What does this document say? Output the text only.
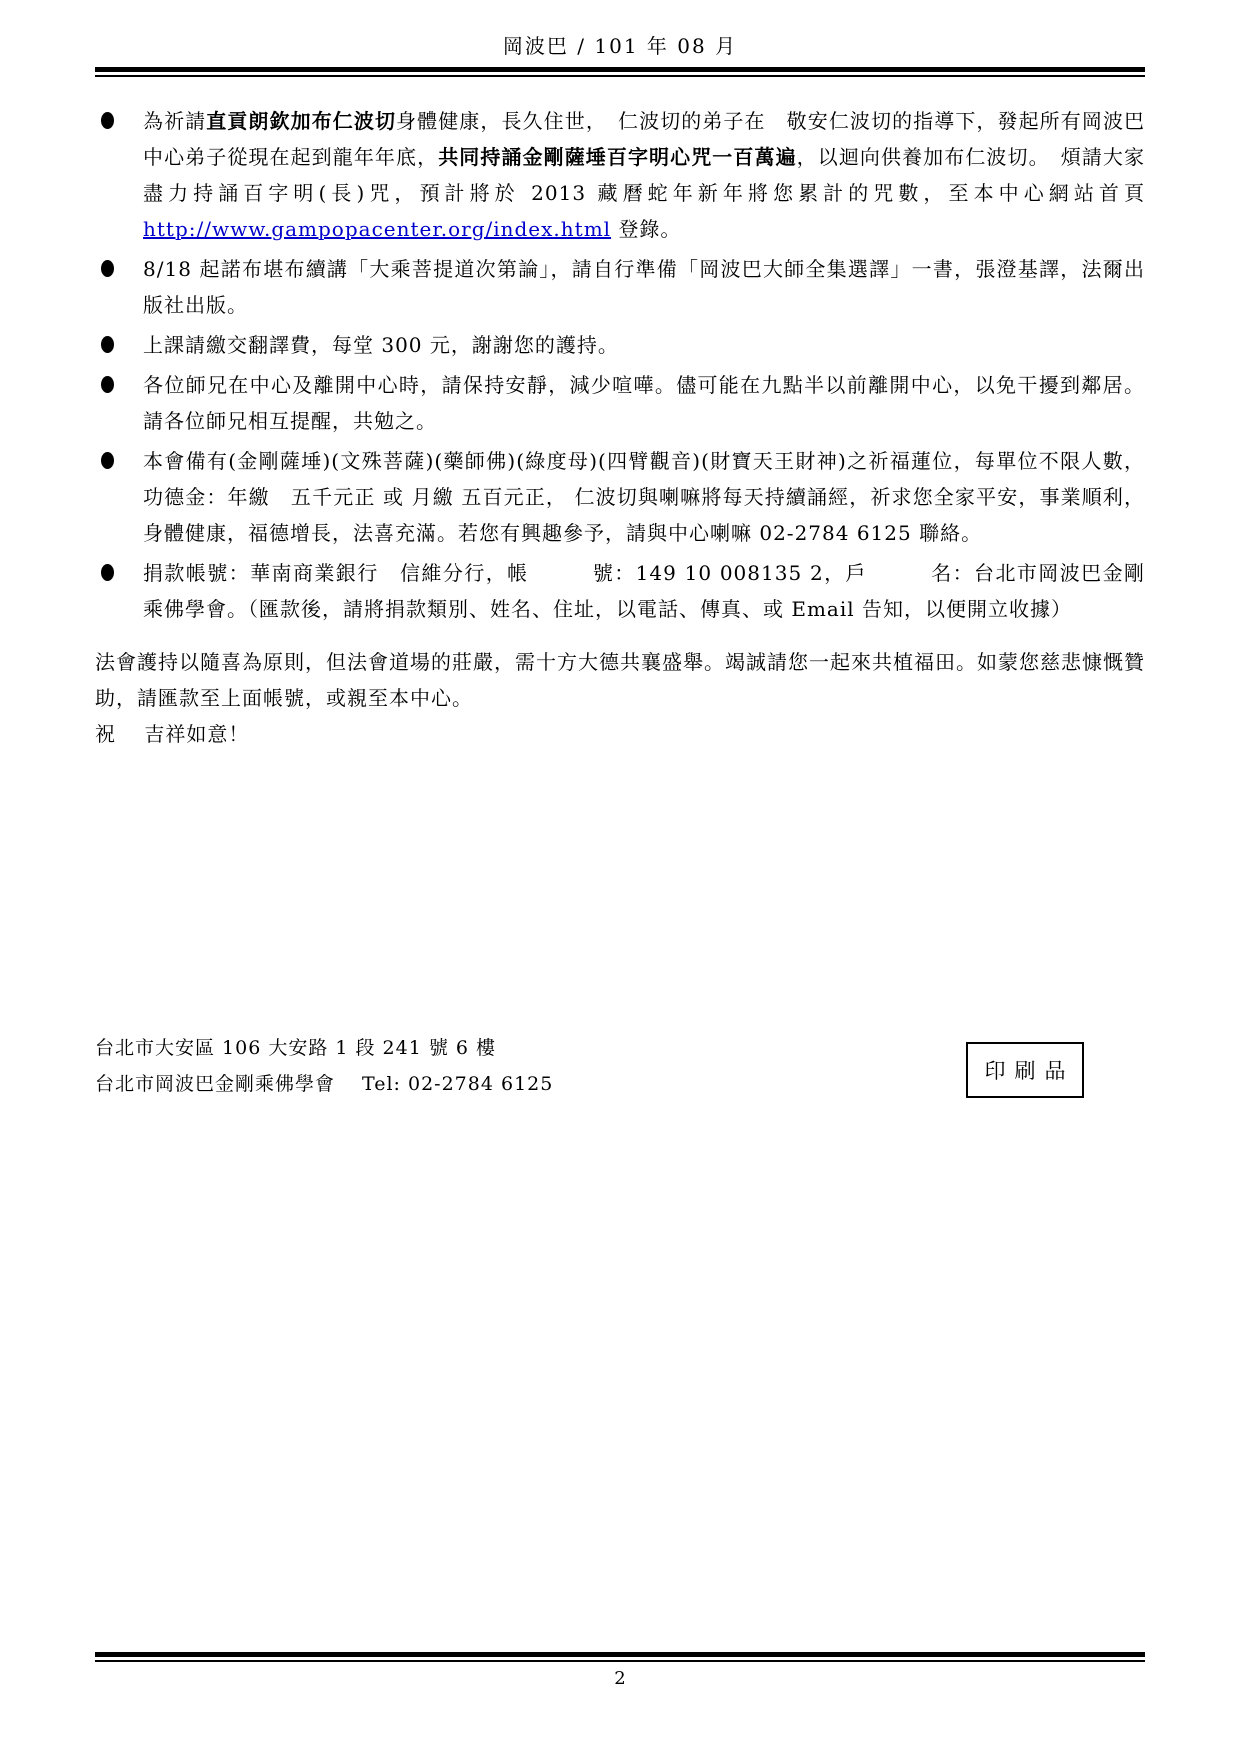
岡波巴 / 101 年 08 月
為祈請直貢朗欽加布仁波切身體健康，長久住世，　仁波切的弟子在　敬安仁波切的指導下，發起所有岡波巴中心弟子從現在起到龍年年底，共同持誦金剛薩埵百字明心咒一百萬遍，以迴向供養加布仁波切。　煩請大家盡力持誦百字明(長)咒，預計將於 2013 藏曆蛇年新年將您累計的咒數，至本中心網站首頁 http://www.gampopacenter.org/index.html 登錄。
8/18 起諾布堪布續講「大乘菩提道次第論」，請自行準備「岡波巴大師全集選譯」一書，張澄基譯，法爾出版社出版。
上課請繳交翻譯費，每堂 300 元，謝謝您的護持。
各位師兄在中心及離開中心時，請保持安靜，減少喧嘩。儘可能在九點半以前離開中心，以免干擾到鄰居。請各位師兄相互提醒，共勉之。
本會備有(金剛薩埵)(文殊菩薩)(藥師佛)(綠度母)(四臂觀音)(財寶天王財神)之祈福蓮位，每單位不限人數，功德金：年繳　五千元正 或 月繳 五百元正， 仁波切與喇嘛將每天持續誦經，祈求您全家平安，事業順利，身體健康，福德增長，法喜充滿。若您有興趣參予，請與中心喇嘛 02-2784 6125 聯絡。
捐款帳號：華南商業銀行　信維分行，帳　　　號：149 10 008135 2，戶　　　名：台北市岡波巴金剛乘佛學會。（匯款後，請將捐款類別、姓名、住址，以電話、傳真、或 Email 告知，以便開立收據）
法會護持以隨喜為原則，但法會道場的莊嚴，需十方大德共襄盛舉。竭誠請您一起來共植福田。如蒙您慈悲慷慨贊助，請匯款至上面帳號，或親至本中心。
祝　 吉祥如意！
台北市大安區 106 大安路 1 段 241 號 6 樓
台北市岡波巴金剛乘佛學會　 Tel: 02-2784 6125
印刷品
2
